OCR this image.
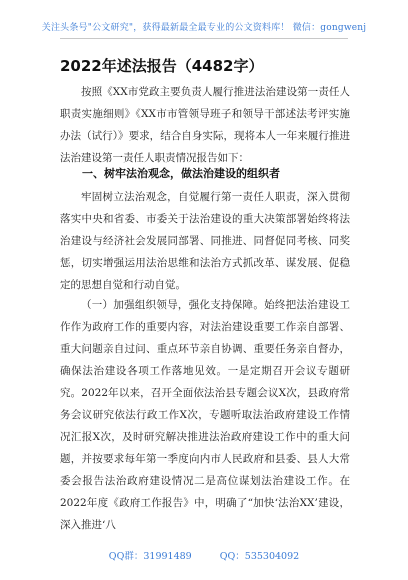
关注头条号"公文研究"，获得最新最全最专业的公文资料库！ 微信：gongwenj
2022年述法报告（4482字）

按照《XX市党政主要负责人履行推进法治建设第一责任人职责实施细则》《XX市市管领导班子和领导干部述法考评实施办法（试行）》要求，结合自身实际，现将本人一年来履行推进法治建设第一责任人职责情况报告如下：

一、树牢法治观念，做法治建设的组织者

牢固树立法治观念，自觉履行第一责任人职责，深入贯彻落实中央和省委、市委关于法治建设的重大决策部署始终将法治建设与经济社会发展同部署、同推进、同督促同考核、同奖惩，切实增强运用法治思维和法治方式抓改革、谋发展、促稳定的思想自觉和行动自觉。

（一）加强组织领导，强化支持保障。始终把法治建设工作作为政府工作的重要内容，对法治建设重要工作亲自部署、重大问题亲自过问、重点环节亲自协调、重要任务亲自督办，确保法治建设各项工作落地见效。一是定期召开会议专题研究。2022年以来，召开全面依法治县专题会议X次，县政府常务会议研究依法行政工作X次，专题听取法治政府建设工作情况汇报X次，及时研究解决推进法治政府建设工作中的重大问题，并按要求每年第一季度向内市人民政府和县委、县人大常委会报告法治政府建设情况二是高位谋划法治建设工作。在2022年度《政府工作报告》中，明确了“加快‘法治XX’建设，深入推进‘八

QQ群：31991489	QQ：535304092
